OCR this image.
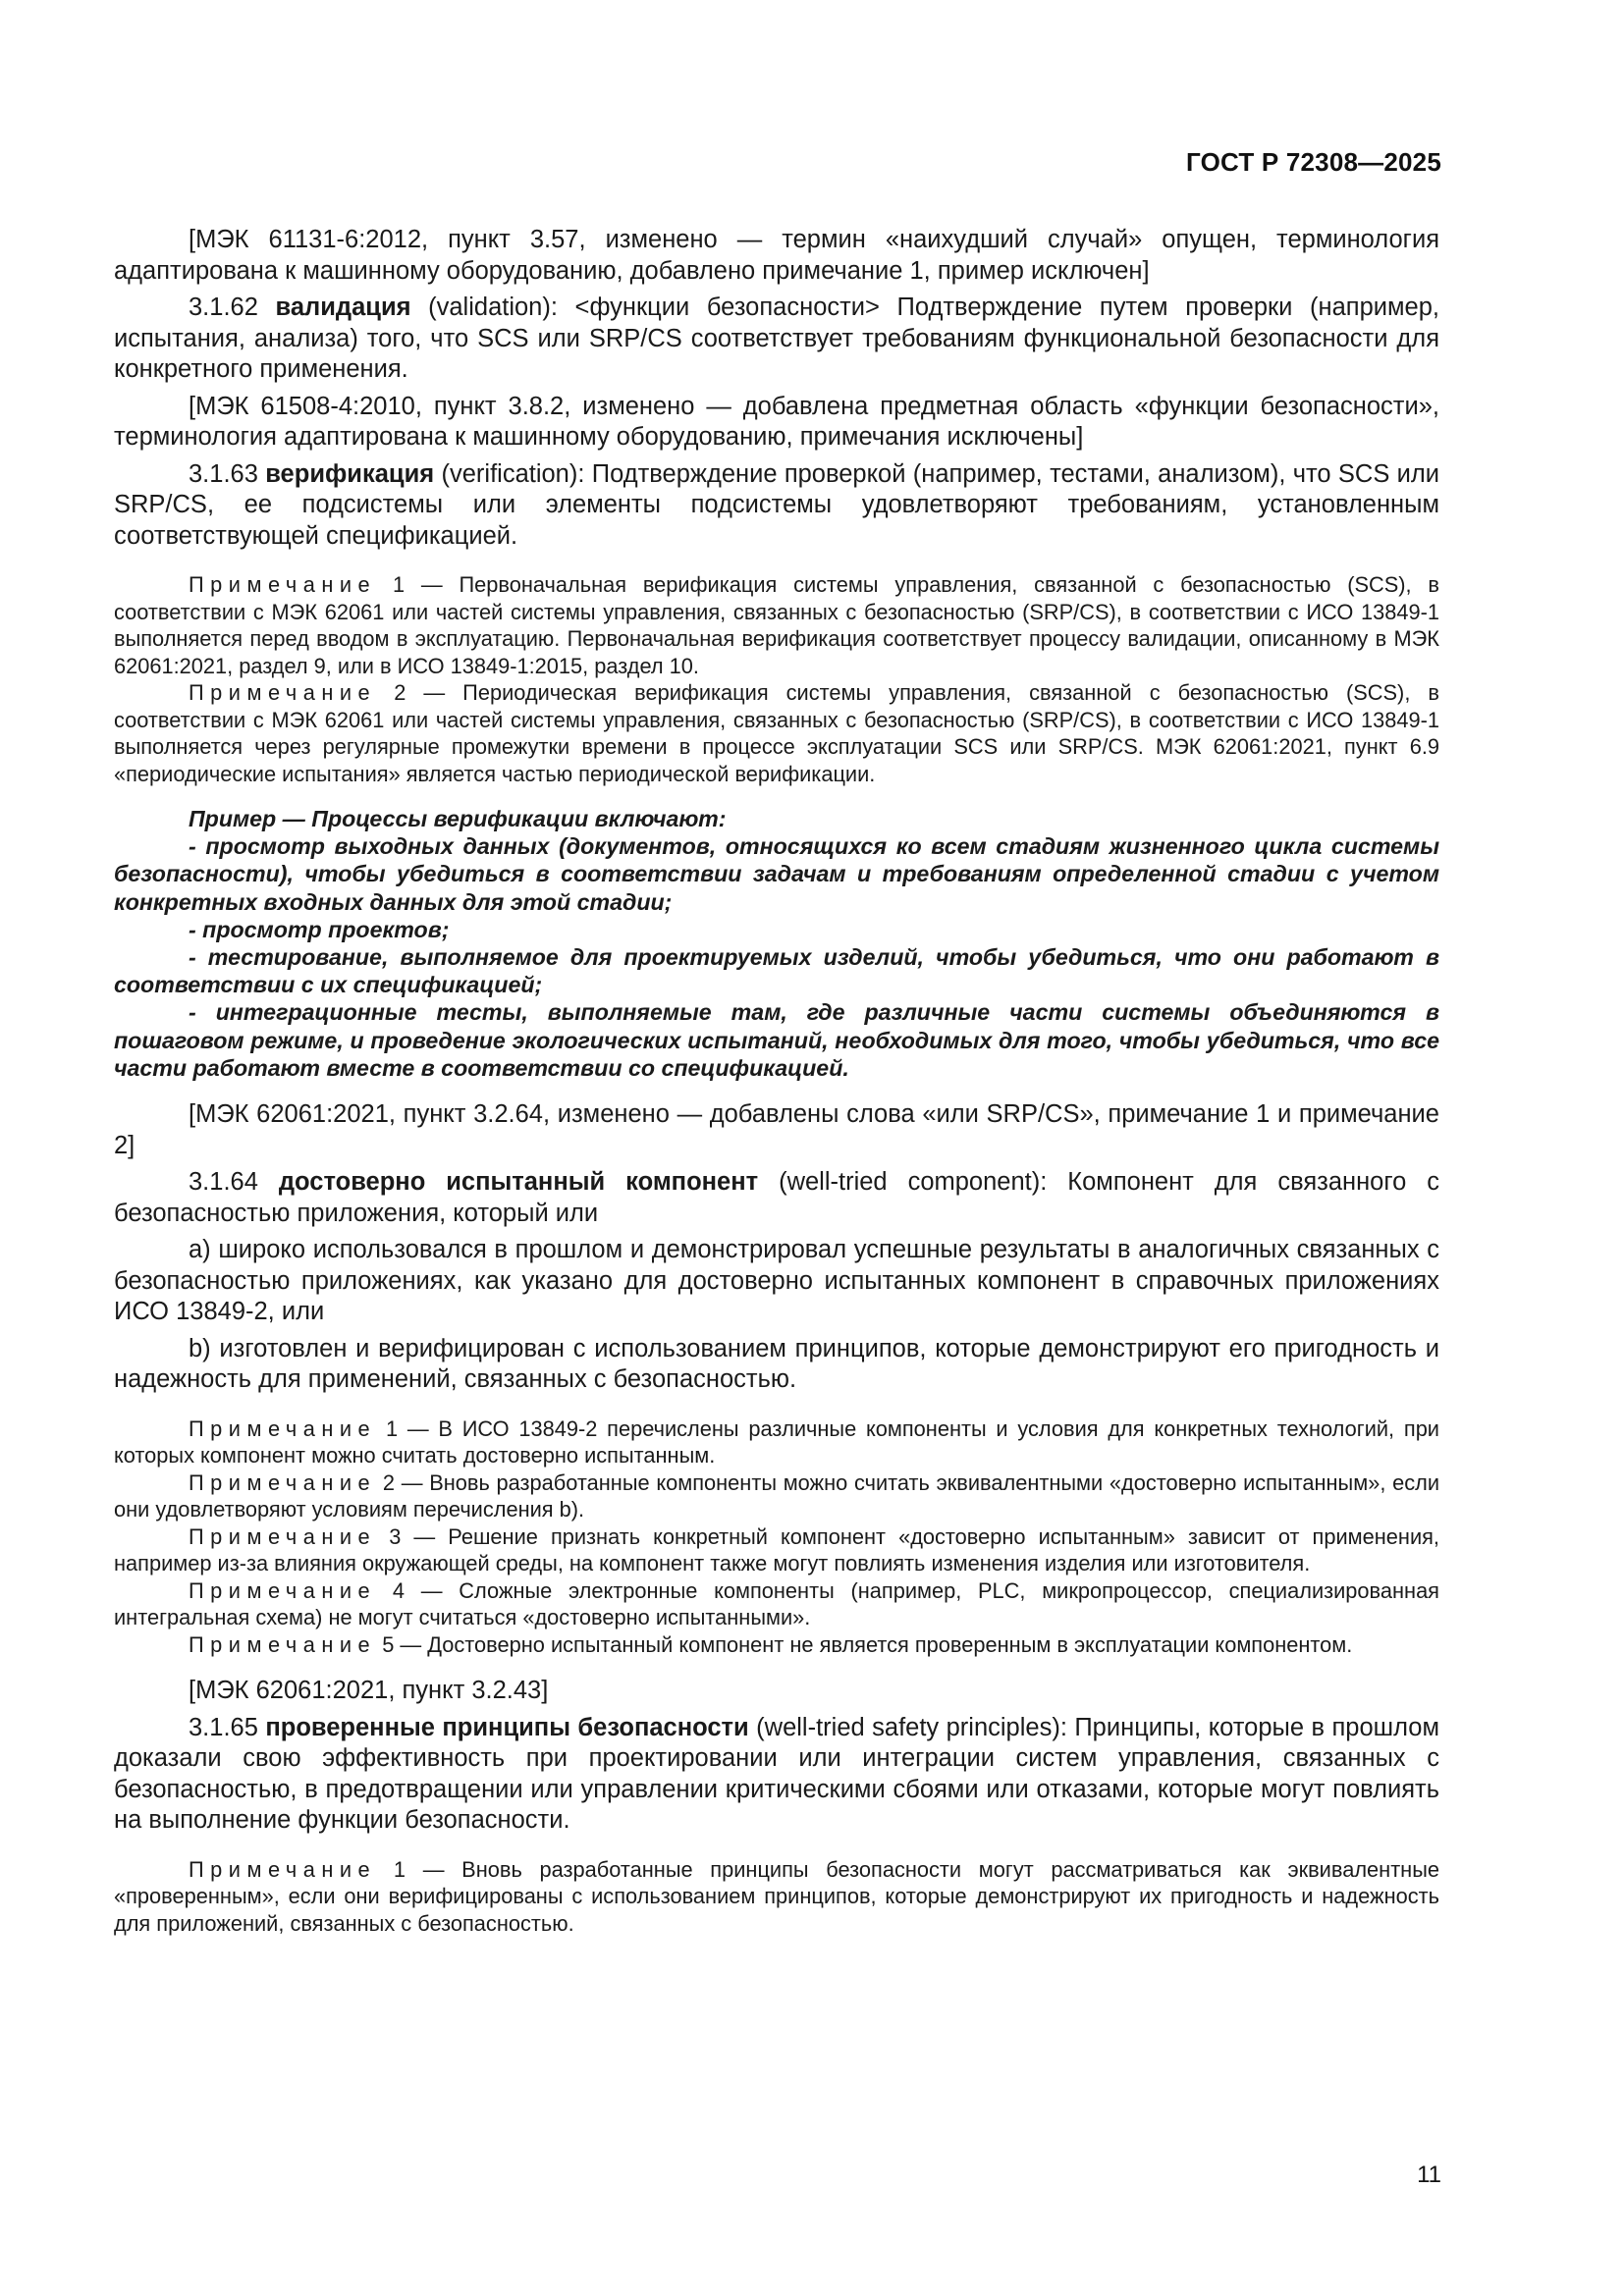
ГОСТ Р 72308—2025

[МЭК 61131-6:2012, пункт 3.57, изменено — термин «наихудший случай» опущен, терминология адаптирована к машинному оборудованию, добавлено примечание 1, пример исключен]

3.1.62 валидация (validation): <функции безопасности> Подтверждение путем проверки (например, испытания, анализа) того, что SCS или SRP/CS соответствует требованиям функциональной безопасности для конкретного применения.

[МЭК 61508-4:2010, пункт 3.8.2, изменено — добавлена предметная область «функции безопасности», терминология адаптирована к машинному оборудованию, примечания исключены]

3.1.63 верификация (verification): Подтверждение проверкой (например, тестами, анализом), что SCS или SRP/CS, ее подсистемы или элементы подсистемы удовлетворяют требованиям, установленным соответствующей спецификацией.

Примечание 1 — Первоначальная верификация системы управления, связанной с безопасностью (SCS), в соответствии с МЭК 62061 или частей системы управления, связанных с безопасностью (SRP/CS), в соответствии с ИСО 13849-1 выполняется перед вводом в эксплуатацию. Первоначальная верификация соответствует процессу валидации, описанному в МЭК 62061:2021, раздел 9, или в ИСО 13849-1:2015, раздел 10.

Примечание 2 — Периодическая верификация системы управления, связанной с безопасностью (SCS), в соответствии с МЭК 62061 или частей системы управления, связанных с безопасностью (SRP/CS), в соответствии с ИСО 13849-1 выполняется через регулярные промежутки времени в процессе эксплуатации SCS или SRP/CS. МЭК 62061:2021, пункт 6.9 «периодические испытания» является частью периодической верификации.

Пример — Процессы верификации включают:

- просмотр выходных данных (документов, относящихся ко всем стадиям жизненного цикла системы безопасности), чтобы убедиться в соответствии задачам и требованиям определенной стадии с учетом конкретных входных данных для этой стадии;

- просмотр проектов;

- тестирование, выполняемое для проектируемых изделий, чтобы убедиться, что они работают в соответствии с их спецификацией;

- интеграционные тесты, выполняемые там, где различные части системы объединяются в пошаговом режиме, и проведение экологических испытаний, необходимых для того, чтобы убедиться, что все части работают вместе в соответствии со спецификацией.

[МЭК 62061:2021, пункт 3.2.64, изменено — добавлены слова «или SRP/CS», примечание 1 и примечание 2]

3.1.64 достоверно испытанный компонент (well-tried component): Компонент для связанного с безопасностью приложения, который или

a) широко использовался в прошлом и демонстрировал успешные результаты в аналогичных связанных с безопасностью приложениях, как указано для достоверно испытанных компонент в справочных приложениях ИСО 13849-2, или

b) изготовлен и верифицирован с использованием принципов, которые демонстрируют его пригодность и надежность для применений, связанных с безопасностью.

Примечание 1 — В ИСО 13849-2 перечислены различные компоненты и условия для конкретных технологий, при которых компонент можно считать достоверно испытанным.

Примечание 2 — Вновь разработанные компоненты можно считать эквивалентными «достоверно испытанным», если они удовлетворяют условиям перечисления b).

Примечание 3 — Решение признать конкретный компонент «достоверно испытанным» зависит от применения, например из-за влияния окружающей среды, на компонент также могут повлиять изменения изделия или изготовителя.

Примечание 4 — Сложные электронные компоненты (например, PLC, микропроцессор, специализированная интегральная схема) не могут считаться «достоверно испытанными».

Примечание 5 — Достоверно испытанный компонент не является проверенным в эксплуатации компонентом.

[МЭК 62061:2021, пункт 3.2.43]

3.1.65 проверенные принципы безопасности (well-tried safety principles): Принципы, которые в прошлом доказали свою эффективность при проектировании или интеграции систем управления, связанных с безопасностью, в предотвращении или управлении критическими сбоями или отказами, которые могут повлиять на выполнение функции безопасности.

Примечание 1 — Вновь разработанные принципы безопасности могут рассматриваться как эквивалентные «проверенным», если они верифицированы с использованием принципов, которые демонстрируют их пригодность и надежность для приложений, связанных с безопасностью.

11
